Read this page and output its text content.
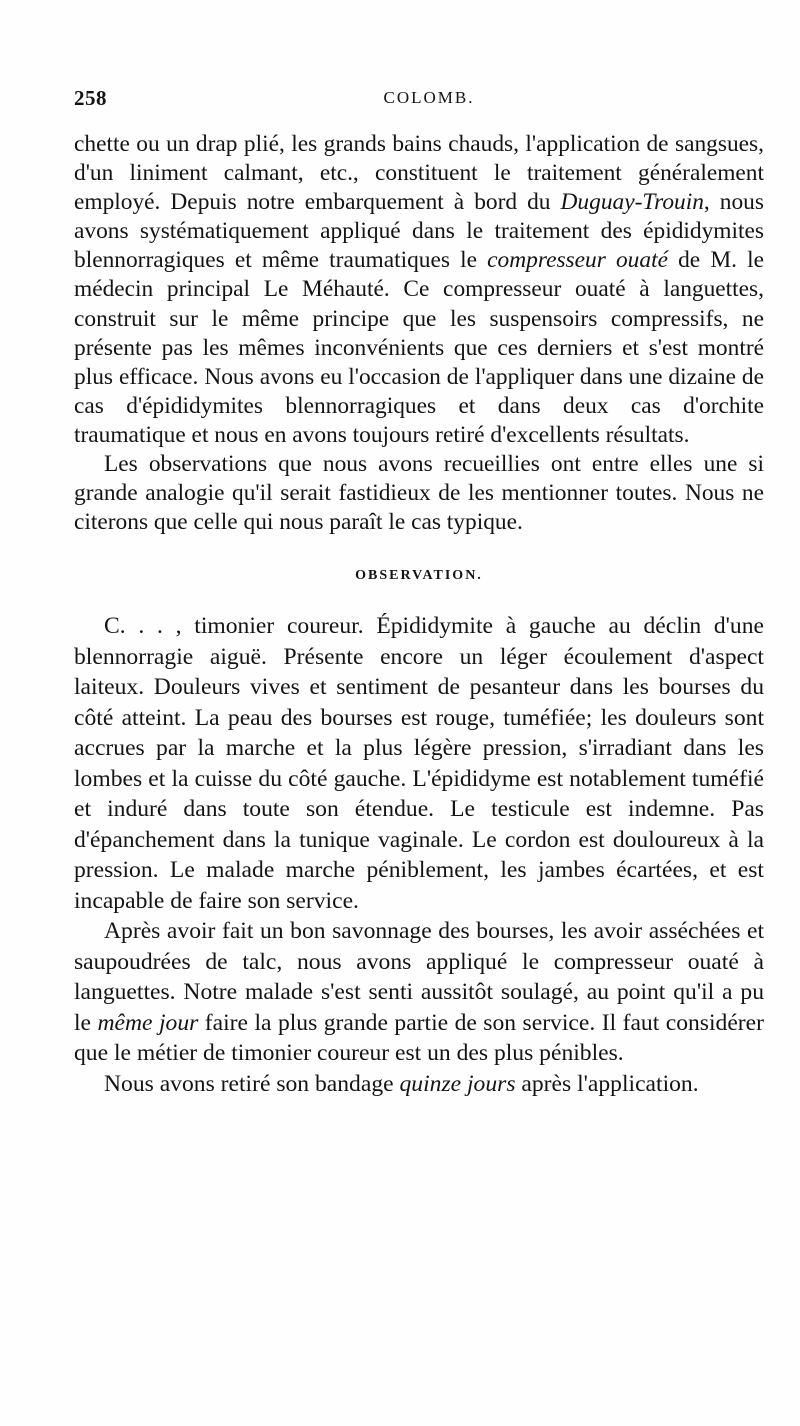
258	COLOMB.

chette ou un drap plié, les grands bains chauds, l'application de sangsues, d'un liniment calmant, etc., constituent le traitement généralement employé. Depuis notre embarquement à bord du Duguay-Trouin, nous avons systématiquement appliqué dans le traitement des épididymites blennorragiques et même traumatiques le compresseur ouaté de M. le médecin principal Le Méhauté. Ce compresseur ouaté à languettes, construit sur le même principe que les suspensoirs compressifs, ne présente pas les mêmes inconvénients que ces derniers et s'est montré plus efficace. Nous avons eu l'occasion de l'appliquer dans une dizaine de cas d'épididymites blennorragiques et dans deux cas d'orchite traumatique et nous en avons toujours retiré d'excellents résultats.

Les observations que nous avons recueillies ont entre elles une si grande analogie qu'il serait fastidieux de les mentionner toutes. Nous ne citerons que celle qui nous paraît le cas typique.

OBSERVATION.

C. . . , timonier coureur. Épididymite à gauche au déclin d'une blennorragie aiguë. Présente encore un léger écoulement d'aspect laiteux. Douleurs vives et sentiment de pesanteur dans les bourses du côté atteint. La peau des bourses est rouge, tuméfiée; les douleurs sont accrues par la marche et la plus légère pression, s'irradiant dans les lombes et la cuisse du côté gauche. L'épididyme est notablement tuméfié et induré dans toute son étendue. Le testicule est indemne. Pas d'épanchement dans la tunique vaginale. Le cordon est douloureux à la pression. Le malade marche péniblement, les jambes écartées, et est incapable de faire son service.

Après avoir fait un bon savonnage des bourses, les avoir asséchées et saupoudrées de talc, nous avons appliqué le compresseur ouaté à languettes. Notre malade s'est senti aussitôt soulagé, au point qu'il a pu le même jour faire la plus grande partie de son service. Il faut considérer que le métier de timonier coureur est un des plus pénibles.

Nous avons retiré son bandage quinze jours après l'application.
